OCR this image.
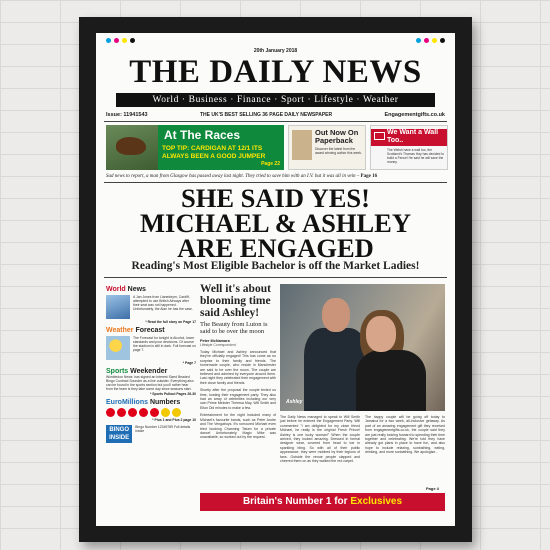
20th January 2018
THE DAILY NEWS
World · Business · Finance · Sport · Lifestyle · Weather
Issue: 11941543	THE UK'S BEST SELLING 36 PAGE DAILY NEWSPAPER	Engagementgifts.co.uk
At The Races
TOP TIP: CARDIGAN AT 12/1 ITS ALWAYS BEEN A GOOD JUMPER
Page 22
Out Now On Paperback
Discover the latest from the award winning author this week.
We Want a Wall Too..
The Welsh have a wall too, the Scotland's Thomas Hay has decided to build a Fence! He said he will save the money.
Sad news to report, a man from Glasgow has passed away last night. They tried to save him with an I.V. but it was all in vein – Page 16
SHE SAID YES!
MICHAEL & ASHLEY
ARE ENGAGED
Reading's Most Eligible Bachelor is off the Market Ladies!
World News
A Jan Jones from Llanedeyrn, Cardiff, attempted to use British Airways after their seat was not happened. Unfortunately, the Alan he has the case.
* Read the full story on Page 17
Weather Forecast
The Forecast for tonight is Alcohol, lower standards and poor decisions. Of course the stadium is still in dark. Full forecast on page 7.
* Page 7
Sports Weekender
Wimbledon News: has signed an Interest Sized Beaded Bingo Contract Sounder as a line outsider. Everything also can be found in the sports section but you'll rather hear from the team is they take some day since seasons start.
* Sports Pullout Pages 26-30
EuroMillions Numbers
* Plus 1 and Plus 2 page 10
BINGO INSIDE
Bingo Number 12345789 Full details inside
Well it's about blooming time said Ashley!
The Beauty from Luton is said to be over the moon
Peter McNamara
Lifestyle Correspondent
Today Michael and Ashley announced that they've officially engaged! This has come as no surprise to their family and friends. The homemade couple, who reside in Manchester are said to be over the moon. The couple are believed and admired by everyone around them. Last night they celebrated their engagement with their close family and friends.
Shortly after the proposal the couple texted us time, hosting their engagement party. They also had an array of celebrities including our very own Prime Minister Theresa May, Will Smith and Elton Did minutes to make a few.
Entertainment for the night included many of Michael's favourite bands, such as Peter Andre and The Vengaboys. It's rumoured Michael even tried booking Channing Tatum for a private dance! Unfortunately, Magic Mike was unavailable, so worked out by the request.
Ashley
The Daily News managed to speak to Will Smith just before he entered the Engagement Party. Will commented "I am delighted for my close friend Michael, he really is the original Fresh Prince! Ashley is one lucky woman!" When the couple arrived, they looked amazing. Dressed in formal designer wear, covered from head to toe in sparkling bling. So with all of their public appearance, they were mobbed by their legions of fans. Outside the venue people clapped and cheered them on as they walked the red carpet.
The happy couple will be going off today to Jamaica for a two week, all-inclusive getaway. As part of an amazing engagement gift they received from engagementgifts.co.uk, the couple said they are just really looking forward to spending their time together and celebrating. We're told they have already got plans in place to have fun, and also hope to include relaxing, sunbathing, eating, drinking, and more sunbathing. We apologise...
Page 4
Britain's Number 1 for Exclusives
